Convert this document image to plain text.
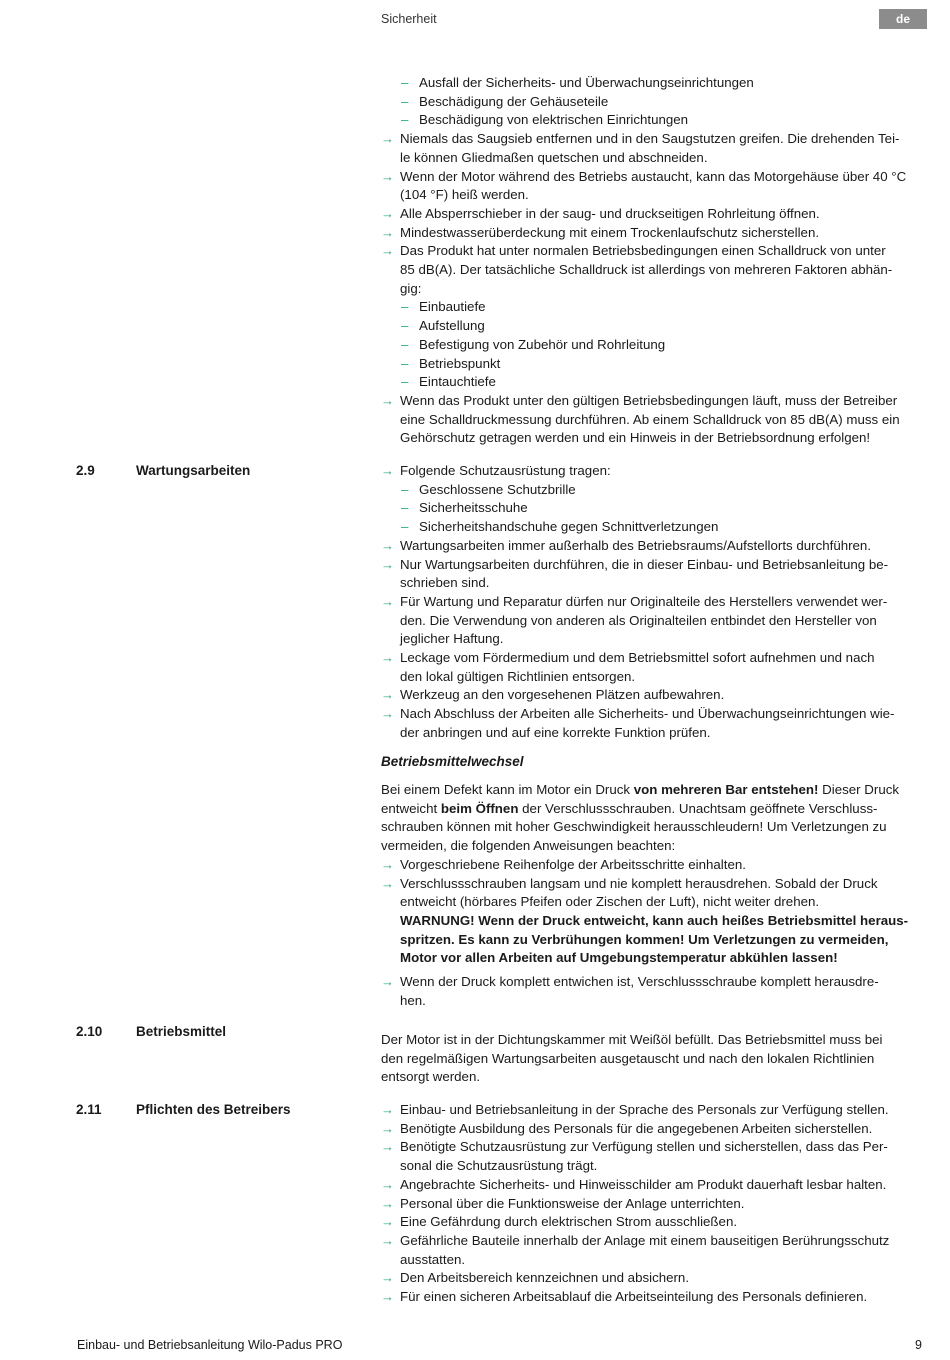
Sicherheit	de
– Ausfall der Sicherheits- und Überwachungseinrichtungen
– Beschädigung der Gehäuseteile
– Beschädigung von elektrischen Einrichtungen
→ Niemals das Saugsieb entfernen und in den Saugstutzen greifen. Die drehenden Tei-
le können Gliedmaßen quetschen und abschneiden.
→ Wenn der Motor während des Betriebs austaucht, kann das Motorgehäuse über 40 °C
(104 °F) heiß werden.
→ Alle Absperrschieber in der saug- und druckseitigen Rohrleitung öffnen.
→ Mindestwasserüberdeckung mit einem Trockenlaufschutz sicherstellen.
→ Das Produkt hat unter normalen Betriebsbedingungen einen Schalldruck von unter
85 dB(A). Der tatsächliche Schalldruck ist allerdings von mehreren Faktoren abhän-
gig:
– Einbautiefe
– Aufstellung
– Befestigung von Zubehör und Rohrleitung
– Betriebspunkt
– Eintauchtiefe
→ Wenn das Produkt unter den gültigen Betriebsbedingungen läuft, muss der Betreiber
eine Schalldruckmessung durchführen. Ab einem Schalldruck von 85 dB(A) muss ein
Gehörschutz getragen werden und ein Hinweis in der Betriebsordnung erfolgen!
2.9	Wartungsarbeiten	→ Folgende Schutzausrüstung tragen:
– Geschlossene Schutzbrille
– Sicherheitsschuhe
– Sicherheitshandschuhe gegen Schnittverletzungen
→ Wartungsarbeiten immer außerhalb des Betriebsraums/Aufstellorts durchführen.
→ Nur Wartungsarbeiten durchführen, die in dieser Einbau- und Betriebsanleitung be-
schrieben sind.
→ Für Wartung und Reparatur dürfen nur Originalteile des Herstellers verwendet wer-
den. Die Verwendung von anderen als Originalteilen entbindet den Hersteller von
jeglicher Haftung.
→ Leckage vom Fördermedium und dem Betriebsmittel sofort aufnehmen und nach
den lokal gültigen Richtlinien entsorgen.
→ Werkzeug an den vorgesehenen Plätzen aufbewahren.
→ Nach Abschluss der Arbeiten alle Sicherheits- und Überwachungseinrichtungen wie-
der anbringen und auf eine korrekte Funktion prüfen.
Betriebsmittelwechsel
Bei einem Defekt kann im Motor ein Druck von mehreren Bar entstehen! Dieser Druck
entweicht beim Öffnen der Verschlussschrauben. Unachtsam geöffnete Verschluss-
schrauben können mit hoher Geschwindigkeit herausschleudern! Um Verletzungen zu
vermeiden, die folgenden Anweisungen beachten:
→ Vorgeschriebene Reihenfolge der Arbeitsschritte einhalten.
→ Verschlussschrauben langsam und nie komplett herausdrehen. Sobald der Druck
entweicht (hörbares Pfeifen oder Zischen der Luft), nicht weiter drehen.
WARNUNG! Wenn der Druck entweicht, kann auch heißes Betriebsmittel heraus-
spritzen. Es kann zu Verbrühungen kommen! Um Verletzungen zu vermeiden,
Motor vor allen Arbeiten auf Umgebungstemperatur abkühlen lassen!
→ Wenn der Druck komplett entwichen ist, Verschlussschraube komplett herausdre-
hen.
2.10 Betriebsmittel
Der Motor ist in der Dichtungskammer mit Weißöl befüllt. Das Betriebsmittel muss bei
den regelmäßigen Wartungsarbeiten ausgetauscht und nach den lokalen Richtlinien
entsorgt werden.
2.11	Pflichten des Betreibers	→ Einbau- und Betriebsanleitung in der Sprache des Personals zur Verfügung stellen.
→ Benötigte Ausbildung des Personals für die angegebenen Arbeiten sicherstellen.
→ Benötigte Schutzausrüstung zur Verfügung stellen und sicherstellen, dass das Per-
sonal die Schutzausrüstung trägt.
→ Angebrachte Sicherheits- und Hinweisschilder am Produkt dauerhaft lesbar halten.
→ Personal über die Funktionsweise der Anlage unterrichten.
→ Eine Gefährdung durch elektrischen Strom ausschließen.
→ Gefährliche Bauteile innerhalb der Anlage mit einem bauseitigen Berührungsschutz
ausstatten.
→ Den Arbeitsbereich kennzeichnen und absichern.
→ Für einen sicheren Arbeitsablauf die Arbeitseinteilung des Personals definieren.
Einbau- und Betriebsanleitung Wilo-Padus PRO	9
